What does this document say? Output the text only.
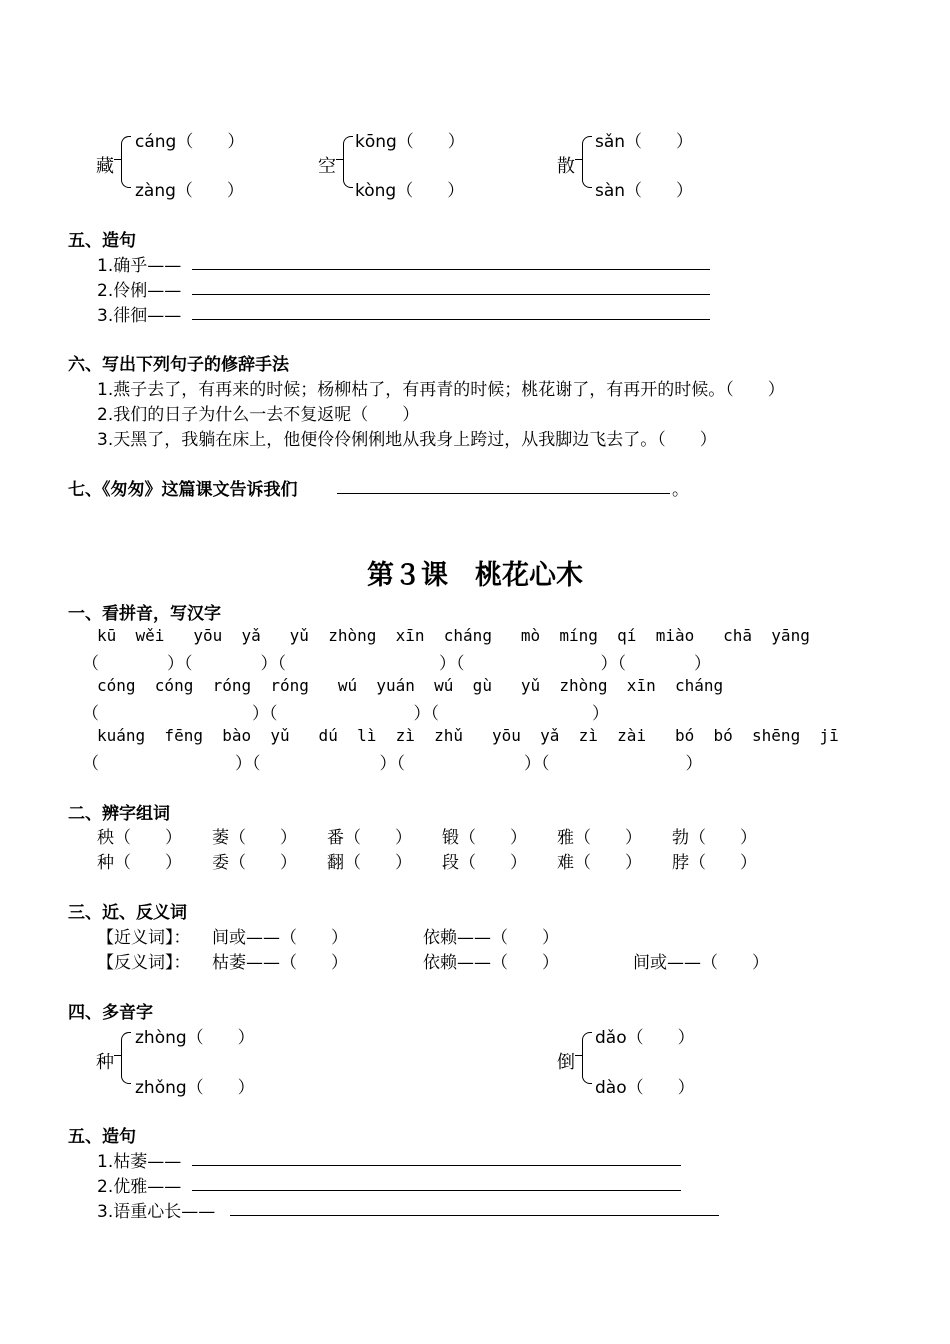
藏
cáng（　　）
zàng（　　）
空
kōng（　　）
kòng（　　）
散
sǎn（　　）
sàn（　　）
五、造句
1.确乎——
2.伶俐——
3.徘徊——
六、写出下列句子的修辞手法
1.燕子去了，有再来的时候；杨柳枯了，有再青的时候；桃花谢了，有再开的时候。（　　）
2.我们的日子为什么一去不复返呢（　　）
3.天黑了，我躺在床上，他便伶伶俐俐地从我身上跨过，从我脚边飞去了。（　　）
七、《匆匆》这篇课文告诉我们	。
第３课　桃花心木
一、看拼音，写汉字
kū  wěi   yōu  yǎ   yǔ  zhòng  xīn  cháng   mò  míng  qí  miào   chā  yāng
（　　　　）（　　　　）（　　　　　　　　　）（　　　　　　　　）（　　　　）
cóng  cóng  róng  róng   wú  yuán  wú  gù   yǔ  zhòng  xīn  cháng
（　　　　　　　　　）（　　　　　　　　）（　　　　　　　　　）
kuáng  fēng  bào  yǔ   dú  lì  zì  zhǔ   yōu  yǎ  zì  zài   bó  bó  shēng  jī
（　　　　　　　　）（　　　　　　　）（　　　　　　　）（　　　　　　　　）
二、辨字组词
秧（　　） 萎（　　） 番（　　） 锻（　　） 雅（　　） 勃（　　）
种（　　） 委（　　） 翻（　　） 段（　　） 难（　　） 脖（　　）
三、近、反义词
【近义词】： 间或——（　　）	依赖——（　　）
【反义词】： 枯萎——（　　）	依赖——（　　）	间或——（　　）
四、多音字
种
zhòng（　　）
zhǒng（　　）
倒
dǎo（　　）
dào（　　）
五、造句
1.枯萎——
2.优雅——
3.语重心长——
